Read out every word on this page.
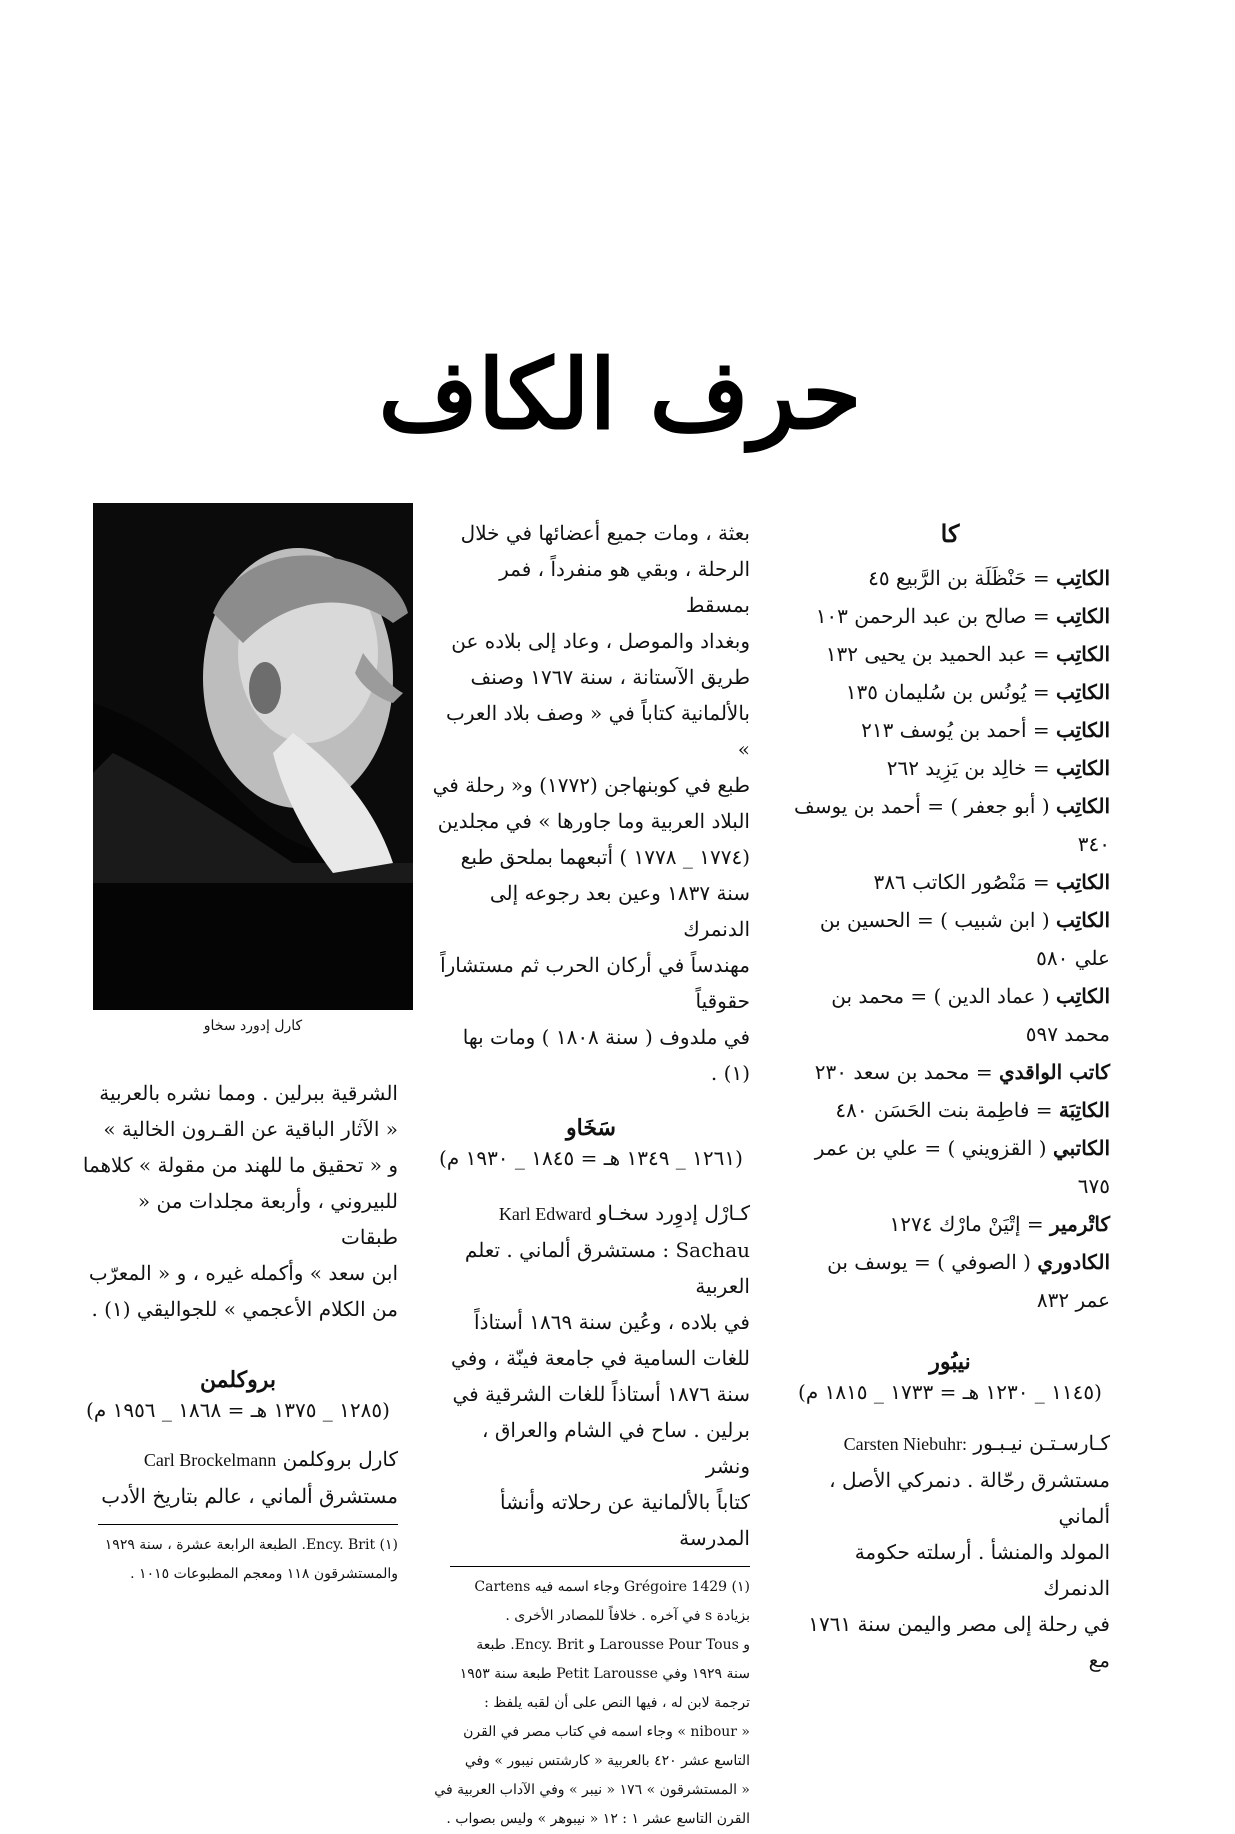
حرف الكاف
كا

الكاتِب = حَنْظَلَة بن الرَّبيع ٤٥

الكاتِب = صالح بن عبد الرحمن ١٠٣

الكاتِب = عبد الحميد بن يحيى ١٣٢

الكاتِب = يُونُس بن سُليمان ١٣٥

الكاتِب = أحمد بن يُوسف ٢١٣

الكاتِب = خالِد بن يَزِيد ٢٦٢

الكاتِب ( أبو جعفر ) = أحمد بن يوسف ٣٤٠

الكاتِب = مَنْصُور الكاتب ٣٨٦

الكاتِب ( ابن شبيب ) = الحسين بن علي ٥٨٠

الكاتِب ( عماد الدين ) = محمد بن محمد ٥٩٧

كاتب الواقدي = محمد بن سعد ٢٣٠

الكاتِبَة = فاطِمة بنت الحَسَن ٤٨٠

الكاتبي ( القزويني ) = علي بن عمر ٦٧٥

كاتْرمير = إتْيَنْ مارْك ١٢٧٤

الكادوري ( الصوفي ) = يوسف بن عمر ٨٣٢

نيبُور

(١١٤٥ _ ١٢٣٠ هـ = ١٧٣٣ _ ١٨١٥ م)

كـارسـتـن نيـبـور Carsten Niebuhr:

مستشرق رحّالة . دنمركي الأصل ، ألماني

المولد والمنشأ . أرسلته حكومة الدنمرك

في رحلة إلى مصر واليمن سنة ١٧٦١ مع

بعثة ، ومات جميع أعضائها في خلال

الرحلة ، وبقي هو منفرداً ، فمر بمسقط

وبغداد والموصل ، وعاد إلى بلاده عن

طريق الآستانة ، سنة ١٧٦٧ وصنف

بالألمانية كتاباً في « وصف بلاد العرب »

طبع في كوبنهاجن (١٧٧٢) و« رحلة في

البلاد العربية وما جاورها » في مجلدين

(١٧٧٤ _ ١٧٧٨ ) أتبعهما بملحق طبع

سنة ١٨٣٧ وعين بعد رجوعه إلى الدنمرك

مهندساً في أركان الحرب ثم مستشاراً حقوقياً

في ملدوف ( سنة ١٨٠٨ ) ومات بها (١) .

سَخَاو

(١٢٦١ _ ١٣٤٩ هـ = ١٨٤٥ _ ١٩٣٠ م)

كـارْل إدوِرد سخـاو Karl Edward

Sachau : مستشرق ألماني . تعلم العربية

في بلاده ، وعُين سنة ١٨٦٩ أستاذاً

للغات السامية في جامعة فينّة ، وفي

سنة ١٨٧٦ أستاذاً للغات الشرقية في

برلين . ساح في الشام والعراق ، ونشر

كتاباً بالألمانية عن رحلاته وأنشأ المدرسة

(١) Grégoire 1429 وجاء اسمه فيه Cartens

بزيادة s في آخره . خلافاً للمصادر الأخرى .

و Larousse Pour Tous و Ency. Brit. طبعة

سنة ١٩٢٩ وفي Petit Larousse طبعة سنة ١٩٥٣

ترجمة لابن له ، فيها النص على أن لقبه يلفظ :

« nibour » وجاء اسمه في كتاب مصر في القرن

التاسع عشر ٤٢٠ بالعربية « كارشتس نيبور » وفي

« المستشرقون » ١٧٦ « نيبر » وفي الآداب العربية في

القرن التاسع عشر ١ : ١٢ « نيبوهر » وليس بصواب .

كارل إدورد سخاو

الشرقية ببرلين . ومما نشره بالعربية

« الآثار الباقية عن القـرون الخالية »

و « تحقيق ما للهند من مقولة » كلاهما

للبيروني ، وأربعة مجلدات من « طبقات

ابن سعد » وأكمله غيره ، و « المعرّب

من الكلام الأعجمي » للجواليقي (١) .

بروكلمن

(١٢٨٥ _ ١٣٧٥ هـ = ١٨٦٨ _ ١٩٥٦ م)

كارل بروكلمن Carl Brockelmann

مستشرق ألماني ، عالم بتاريخ الأدب

(١) Ency. Brit. الطبعة الرابعة عشرة ، سنة ١٩٢٩

والمستشرقون ١١٨ ومعجم المطبوعات ١٠١٥ .
